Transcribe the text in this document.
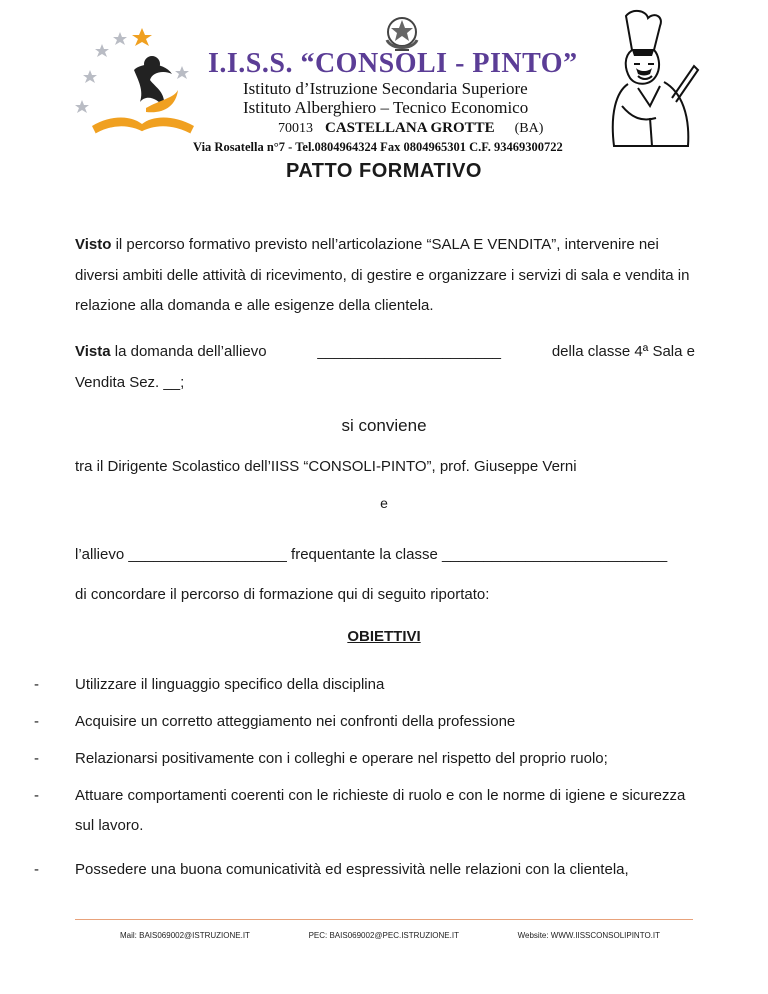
I.I.S.S. “CONSOLI - PINTO”
Istituto d’Istruzione Secondaria Superiore
Istituto Alberghiero – Tecnico Economico
70013 CASTELLANA GROTTE (BA)
Via Rosatella n°7 - Tel.0804964324 Fax 0804965301 C.F. 93469300722
PATTO FORMATIVO

Visto il percorso formativo previsto nell’articolazione “SALA E VENDITA”, intervenire nei diversi ambiti delle attività di ricevimento, di gestire e organizzare i servizi di sala e vendita in relazione alla domanda e alle esigenze della clientela.

Vista la domanda dell’allievo	______________________	della classe 4ª Sala e
Vendita Sez. __;

si conviene

tra il Dirigente Scolastico dell’IISS “CONSOLI-PINTO”, prof. Giuseppe Verni

e

l’allievo ___________________ frequentante la classe ___________________________

di concordare il percorso di formazione qui di seguito riportato:

OBIETTIVI
-	Utilizzare il linguaggio specifico della disciplina
-	Acquisire un corretto atteggiamento nei confronti della professione
-	Relazionarsi positivamente con i colleghi e operare nel rispetto del proprio ruolo;
-	Attuare comportamenti coerenti con le richieste di ruolo e con le norme di igiene e sicurezza sul lavoro.
-	Possedere una buona comunicatività ed espressività nelle relazioni con la clientela,
Mail: BAIS069002@ISTRUZIONE.IT	PEC: BAIS069002@PEC.ISTRUZIONE.IT	Website: WWW.IISSCONSOLIPINTO.IT
